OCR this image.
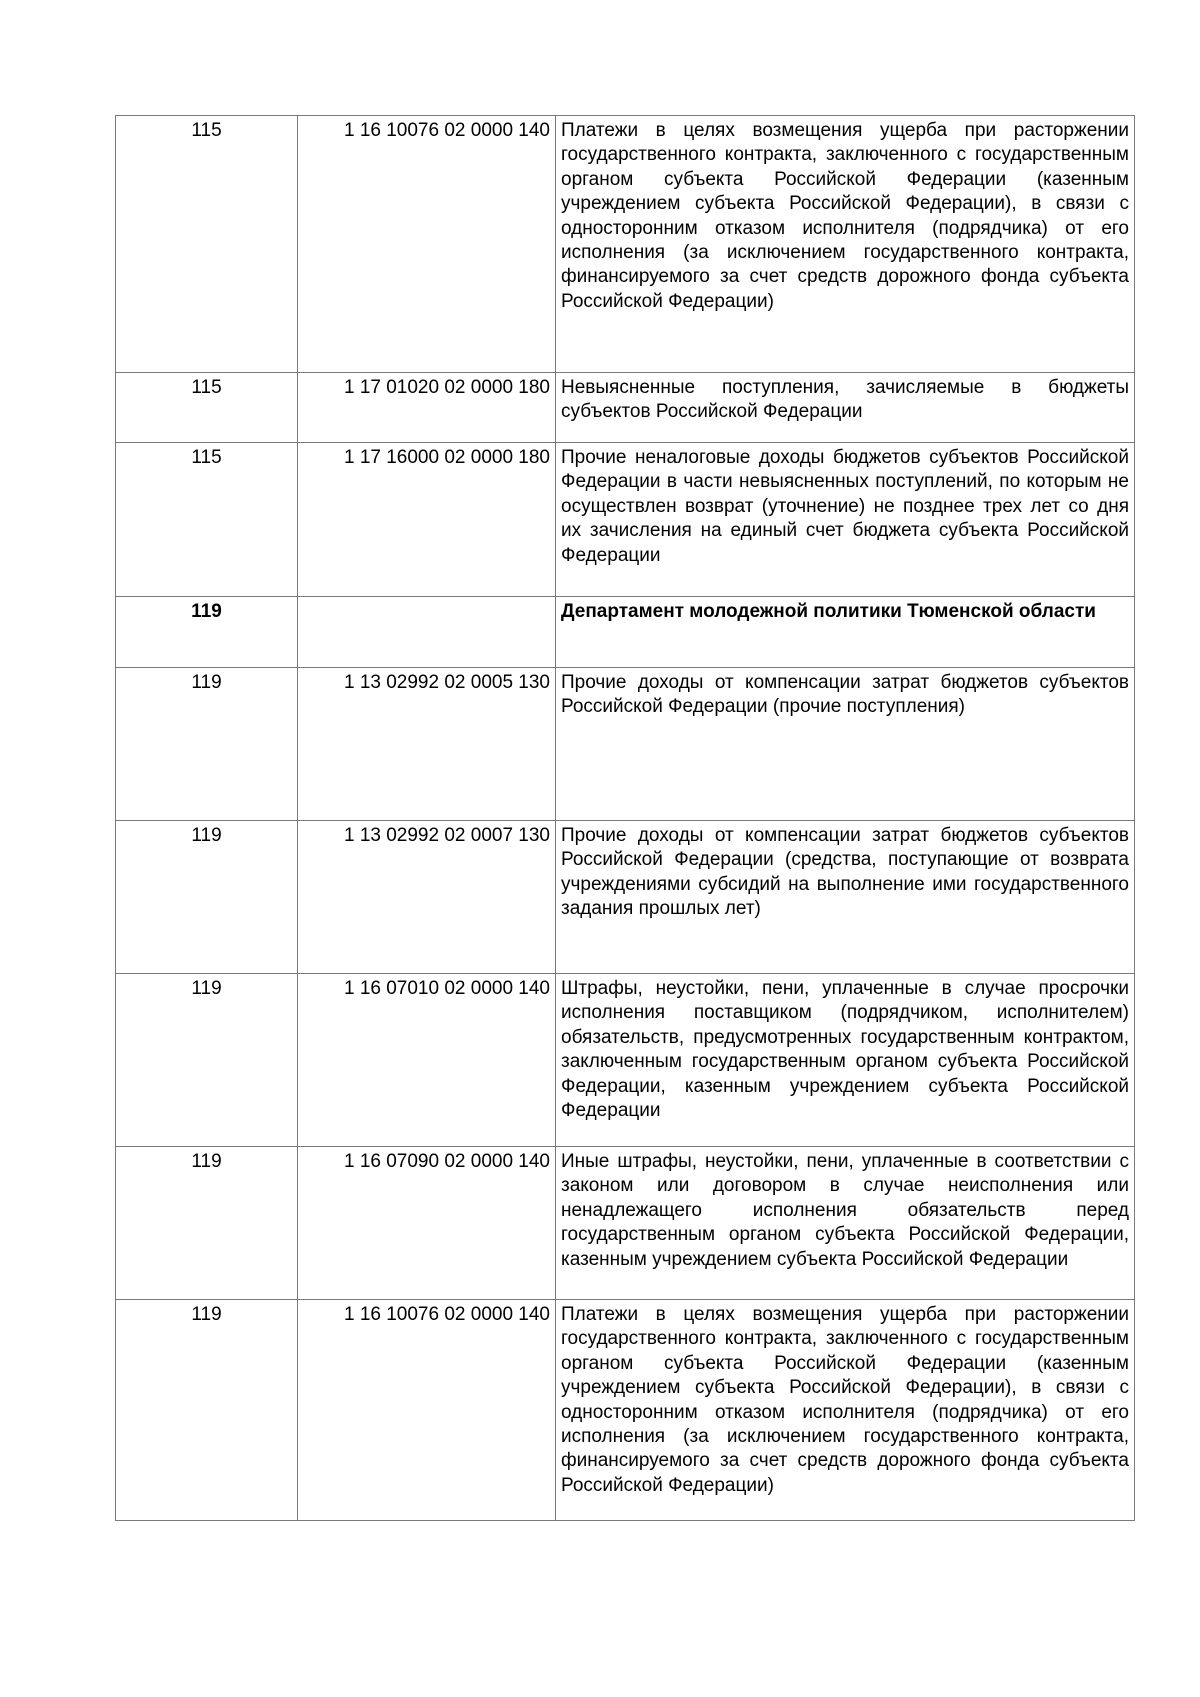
115	1 16 10076 02 0000 140	Платежи в целях возмещения ущерба при расторжении государственного контракта, заключенного с государственным органом субъекта Российской Федерации (казенным учреждением субъекта Российской Федерации), в связи с односторонним отказом исполнителя (подрядчика) от его исполнения (за исключением государственного контракта, финансируемого за счет средств дорожного фонда субъекта Российской Федерации)
115	1 17 01020 02 0000 180	Невыясненные поступления, зачисляемые в бюджеты субъектов Российской Федерации
115	1 17 16000 02 0000 180	Прочие неналоговые доходы бюджетов субъектов Российской Федерации в части невыясненных поступлений, по которым не осуществлен возврат (уточнение) не позднее трех лет со дня их зачисления на единый счет бюджета субъекта Российской Федерации
119		Департамент молодежной политики Тюменской области
119	1 13 02992 02 0005 130	Прочие доходы от компенсации затрат бюджетов субъектов Российской Федерации (прочие поступления)
119	1 13 02992 02 0007 130	Прочие доходы от компенсации затрат бюджетов субъектов Российской Федерации (средства, поступающие от возврата учреждениями субсидий на выполнение ими государственного задания прошлых лет)
119	1 16 07010 02 0000 140	Штрафы, неустойки, пени, уплаченные в случае просрочки исполнения поставщиком (подрядчиком, исполнителем) обязательств, предусмотренных государственным контрактом, заключенным государственным органом субъекта Российской Федерации, казенным учреждением субъекта Российской Федерации
119	1 16 07090 02 0000 140	Иные штрафы, неустойки, пени, уплаченные в соответствии с законом или договором в случае неисполнения или ненадлежащего исполнения обязательств перед государственным органом субъекта Российской Федерации, казенным учреждением субъекта Российской Федерации
119	1 16 10076 02 0000 140	Платежи в целях возмещения ущерба при расторжении государственного контракта, заключенного с государственным органом субъекта Российской Федерации (казенным учреждением субъекта Российской Федерации), в связи с односторонним отказом исполнителя (подрядчика) от его исполнения (за исключением государственного контракта, финансируемого за счет средств дорожного фонда субъекта Российской Федерации)
